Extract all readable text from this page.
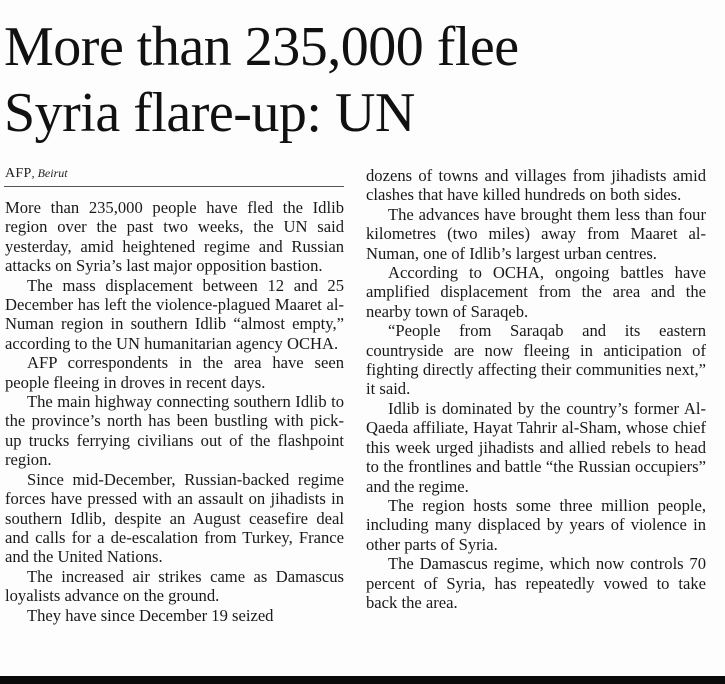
More than 235,000 flee
Syria flare-up: UN
AFP, Beirut

More than 235,000 people have fled the Idlib region over the past two weeks, the UN said yesterday, amid heightened regime and Russian attacks on Syria’s last major opposition bastion.

The mass displacement between 12 and 25 December has left the violence-plagued Maaret al-Numan region in southern Idlib “almost empty,” according to the UN humanitarian agency OCHA.

AFP correspondents in the area have seen people fleeing in droves in recent days.

The main highway connecting southern Idlib to the province’s north has been bustling with pick-up trucks ferrying civilians out of the flashpoint region.

Since mid-December, Russian-backed regime forces have pressed with an assault on jihadists in southern Idlib, despite an August ceasefire deal and calls for a de-escalation from Turkey, France and the United Nations.

The increased air strikes came as Damascus loyalists advance on the ground.

They have since December 19 seized

dozens of towns and villages from jihadists amid clashes that have killed hundreds on both sides.

The advances have brought them less than four kilometres (two miles) away from Maaret al-Numan, one of Idlib’s largest urban centres.

According to OCHA, ongoing battles have amplified displacement from the area and the nearby town of Saraqeb.

“People from Saraqab and its eastern countryside are now fleeing in anticipation of fighting directly affecting their communities next,” it said.

Idlib is dominated by the country’s former Al-Qaeda affiliate, Hayat Tahrir al-Sham, whose chief this week urged jihadists and allied rebels to head to the frontlines and battle “the Russian occupiers” and the regime.

The region hosts some three million people, including many displaced by years of violence in other parts of Syria.

The Damascus regime, which now controls 70 percent of Syria, has repeatedly vowed to take back the area.
